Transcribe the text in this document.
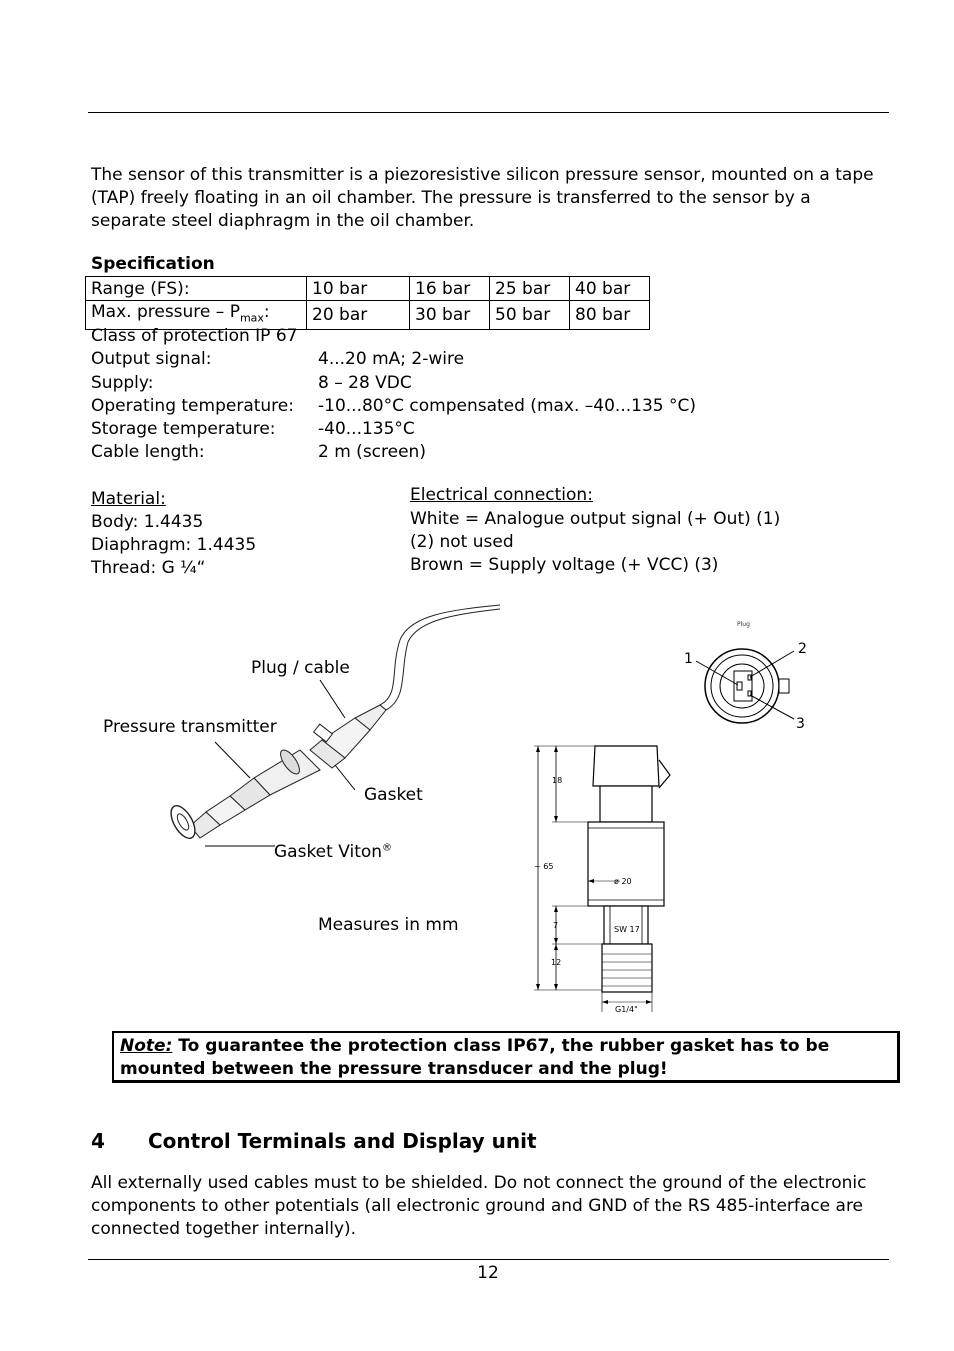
The sensor of this transmitter is a piezoresistive silicon pressure sensor, mounted on a tape (TAP) freely floating in an oil chamber. The pressure is transferred to the sensor by a separate steel diaphragm in the oil chamber.

Specification
Range (FS):	10 bar	16 bar	25 bar	40 bar
Max. pressure – $P_{max}$:	20 bar	30 bar	50 bar	80 bar
Class of protection IP 67
Output signal:	4...20 mA; 2-wire
Supply:	8 – 28 VDC
Operating temperature: -10...80°C compensated (max. –40...135 °C)
Storage temperature: -40...135°C
Cable length:	2 m (screen)
Material:
Body: 1.4435
Diaphragm: 1.4435
Thread: G ¼“
Electrical connection:
White = Analogue output signal (+ Out) (1)
(2) not used
Brown = Supply voltage (+ VCC) (3)
Plug / cable
Pressure transmitter
Gasket
Gasket Viton®
Measures in mm
Plug
1
2
3
18
~ 65
ø 20
7	SW 17
12
G1/4"
Note: To guarantee the protection class IP67, the rubber gasket has to be mounted between the pressure transducer and the plug!
4 Control Terminals and Display unit

All externally used cables must to be shielded. Do not connect the ground of the electronic components to other potentials (all electronic ground and GND of the RS 485-interface are connected together internally).

12
